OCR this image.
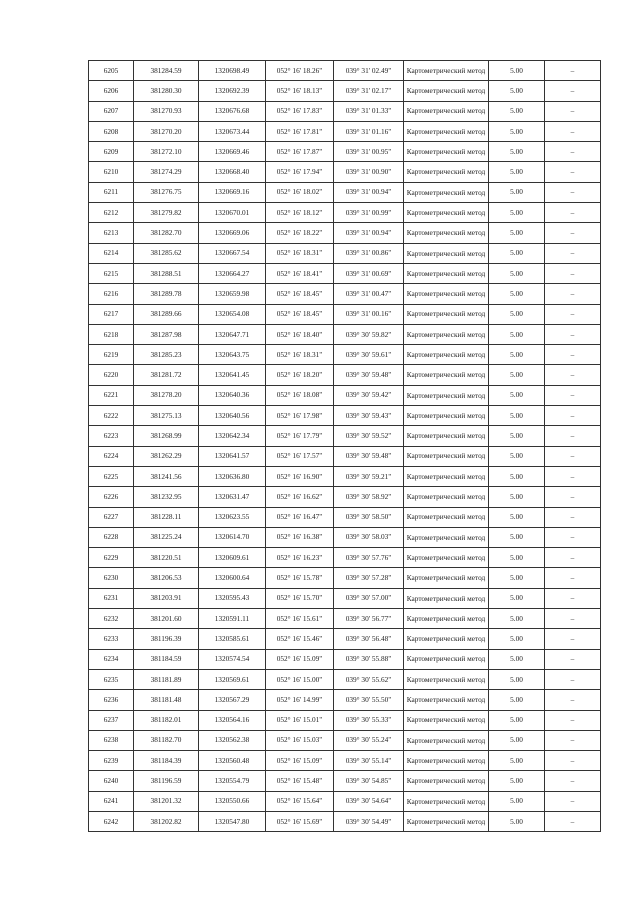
6205	381284.59	1320698.49	052° 16' 18.26"	039° 31' 02.49"	Картометрический метод	5.00	–
6206	381280.30	1320692.39	052° 16' 18.13"	039° 31' 02.17"	Картометрический метод	5.00	–
6207	381270.93	1320676.68	052° 16' 17.83"	039° 31' 01.33"	Картометрический метод	5.00	–
6208	381270.20	1320673.44	052° 16' 17.81"	039° 31' 01.16"	Картометрический метод	5.00	–
6209	381272.10	1320669.46	052° 16' 17.87"	039° 31' 00.95"	Картометрический метод	5.00	–
6210	381274.29	1320668.40	052° 16' 17.94"	039° 31' 00.90"	Картометрический метод	5.00	–
6211	381276.75	1320669.16	052° 16' 18.02"	039° 31' 00.94"	Картометрический метод	5.00	–
6212	381279.82	1320670.01	052° 16' 18.12"	039° 31' 00.99"	Картометрический метод	5.00	–
6213	381282.70	1320669.06	052° 16' 18.22"	039° 31' 00.94"	Картометрический метод	5.00	–
6214	381285.62	1320667.54	052° 16' 18.31"	039° 31' 00.86"	Картометрический метод	5.00	–
6215	381288.51	1320664.27	052° 16' 18.41"	039° 31' 00.69"	Картометрический метод	5.00	–
6216	381289.78	1320659.98	052° 16' 18.45"	039° 31' 00.47"	Картометрический метод	5.00	–
6217	381289.66	1320654.08	052° 16' 18.45"	039° 31' 00.16"	Картометрический метод	5.00	–
6218	381287.98	1320647.71	052° 16' 18.40"	039° 30' 59.82"	Картометрический метод	5.00	–
6219	381285.23	1320643.75	052° 16' 18.31"	039° 30' 59.61"	Картометрический метод	5.00	–
6220	381281.72	1320641.45	052° 16' 18.20"	039° 30' 59.48"	Картометрический метод	5.00	–
6221	381278.20	1320640.36	052° 16' 18.08"	039° 30' 59.42"	Картометрический метод	5.00	–
6222	381275.13	1320640.56	052° 16' 17.98"	039° 30' 59.43"	Картометрический метод	5.00	–
6223	381268.99	1320642.34	052° 16' 17.79"	039° 30' 59.52"	Картометрический метод	5.00	–
6224	381262.29	1320641.57	052° 16' 17.57"	039° 30' 59.48"	Картометрический метод	5.00	–
6225	381241.56	1320636.80	052° 16' 16.90"	039° 30' 59.21"	Картометрический метод	5.00	–
6226	381232.95	1320631.47	052° 16' 16.62"	039° 30' 58.92"	Картометрический метод	5.00	–
6227	381228.11	1320623.55	052° 16' 16.47"	039° 30' 58.50"	Картометрический метод	5.00	–
6228	381225.24	1320614.70	052° 16' 16.38"	039° 30' 58.03"	Картометрический метод	5.00	–
6229	381220.51	1320609.61	052° 16' 16.23"	039° 30' 57.76"	Картометрический метод	5.00	–
6230	381206.53	1320600.64	052° 16' 15.78"	039° 30' 57.28"	Картометрический метод	5.00	–
6231	381203.91	1320595.43	052° 16' 15.70"	039° 30' 57.00"	Картометрический метод	5.00	–
6232	381201.60	1320591.11	052° 16' 15.61"	039° 30' 56.77"	Картометрический метод	5.00	–
6233	381196.39	1320585.61	052° 16' 15.46"	039° 30' 56.48"	Картометрический метод	5.00	–
6234	381184.59	1320574.54	052° 16' 15.09"	039° 30' 55.88"	Картометрический метод	5.00	–
6235	381181.89	1320569.61	052° 16' 15.00"	039° 30' 55.62"	Картометрический метод	5.00	–
6236	381181.48	1320567.29	052° 16' 14.99"	039° 30' 55.50"	Картометрический метод	5.00	–
6237	381182.01	1320564.16	052° 16' 15.01"	039° 30' 55.33"	Картометрический метод	5.00	–
6238	381182.70	1320562.38	052° 16' 15.03"	039° 30' 55.24"	Картометрический метод	5.00	–
6239	381184.39	1320560.48	052° 16' 15.09"	039° 30' 55.14"	Картометрический метод	5.00	–
6240	381196.59	1320554.79	052° 16' 15.48"	039° 30' 54.85"	Картометрический метод	5.00	–
6241	381201.32	1320550.66	052° 16' 15.64"	039° 30' 54.64"	Картометрический метод	5.00	–
6242	381202.82	1320547.80	052° 16' 15.69"	039° 30' 54.49"	Картометрический метод	5.00	–
